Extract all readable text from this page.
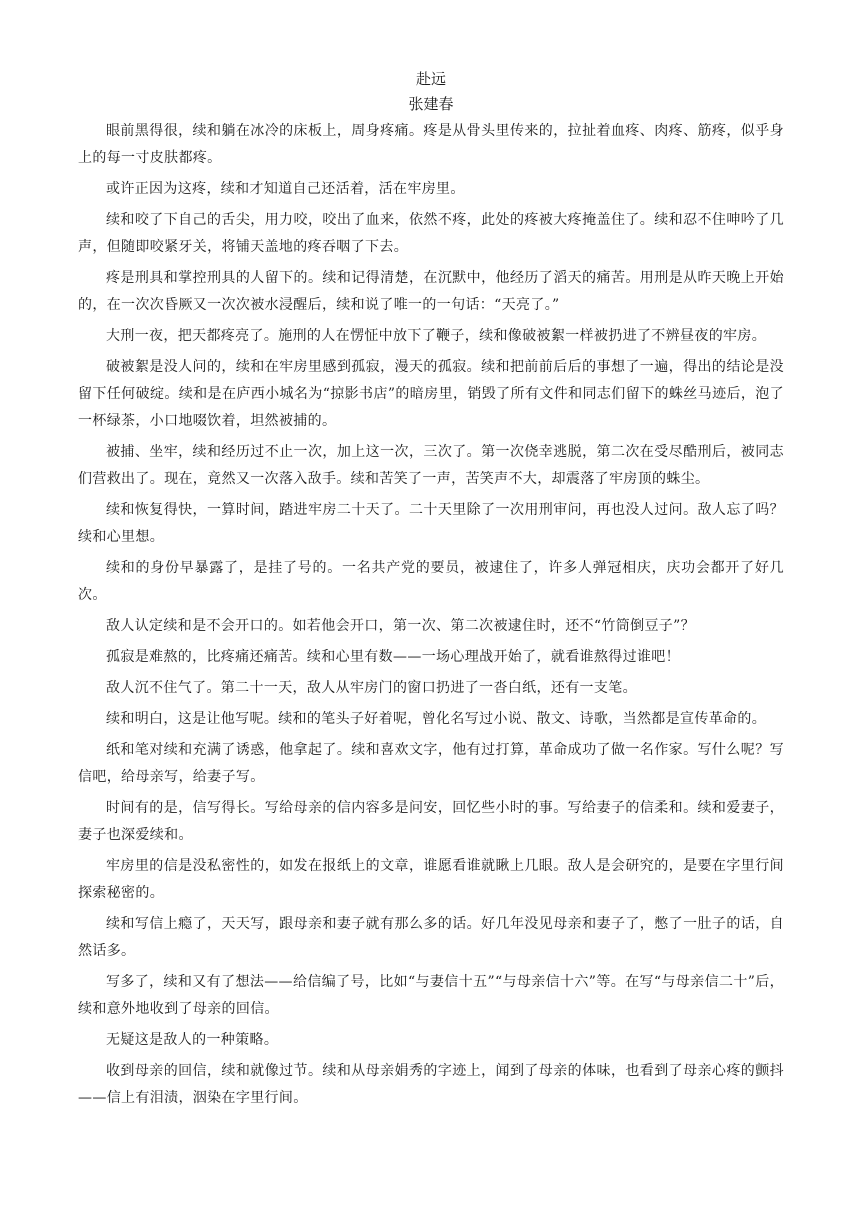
赴远
张建春

眼前黑得很，续和躺在冰冷的床板上，周身疼痛。疼是从骨头里传来的，拉扯着血疼、肉疼、筋疼，似乎身上的每一寸皮肤都疼。

或许正因为这疼，续和才知道自己还活着，活在牢房里。

续和咬了下自己的舌尖，用力咬，咬出了血来，依然不疼，此处的疼被大疼掩盖住了。续和忍不住呻吟了几声，但随即咬紧牙关，将铺天盖地的疼吞咽了下去。

疼是刑具和掌控刑具的人留下的。续和记得清楚，在沉默中，他经历了滔天的痛苦。用刑是从昨天晚上开始的，在一次次昏厥又一次次被水浸醒后，续和说了唯一的一句话：“天亮了。”

大刑一夜，把天都疼亮了。施刑的人在愣怔中放下了鞭子，续和像破被絮一样被扔进了不辨昼夜的牢房。

破被絮是没人问的，续和在牢房里感到孤寂，漫天的孤寂。续和把前前后后的事想了一遍，得出的结论是没留下任何破绽。续和是在庐西小城名为“掠影书店”的暗房里，销毁了所有文件和同志们留下的蛛丝马迹后，泡了一杯绿茶，小口地啜饮着，坦然被捕的。

被捕、坐牢，续和经历过不止一次，加上这一次，三次了。第一次侥幸逃脱，第二次在受尽酷刑后，被同志们营救出了。现在，竟然又一次落入敌手。续和苦笑了一声，苦笑声不大，却震落了牢房顶的蛛尘。

续和恢复得快，一算时间，踏进牢房二十天了。二十天里除了一次用刑审问，再也没人过问。敌人忘了吗？续和心里想。

续和的身份早暴露了，是挂了号的。一名共产党的要员，被逮住了，许多人弹冠相庆，庆功会都开了好几次。

敌人认定续和是不会开口的。如若他会开口，第一次、第二次被逮住时，还不“竹筒倒豆子”？

孤寂是难熬的，比疼痛还痛苦。续和心里有数——一场心理战开始了，就看谁熬得过谁吧！

敌人沉不住气了。第二十一天，敌人从牢房门的窗口扔进了一沓白纸，还有一支笔。

续和明白，这是让他写呢。续和的笔头子好着呢，曾化名写过小说、散文、诗歌，当然都是宣传革命的。

纸和笔对续和充满了诱惑，他拿起了。续和喜欢文字，他有过打算，革命成功了做一名作家。写什么呢？写信吧，给母亲写，给妻子写。

时间有的是，信写得长。写给母亲的信内容多是问安，回忆些小时的事。写给妻子的信柔和。续和爱妻子，妻子也深爱续和。

牢房里的信是没私密性的，如发在报纸上的文章，谁愿看谁就瞅上几眼。敌人是会研究的，是要在字里行间探索秘密的。

续和写信上瘾了，天天写，跟母亲和妻子就有那么多的话。好几年没见母亲和妻子了，憋了一肚子的话，自然话多。

写多了，续和又有了想法——给信编了号，比如“与妻信十五”“与母亲信十六”等。在写“与母亲信二十”后，续和意外地收到了母亲的回信。

无疑这是敌人的一种策略。

收到母亲的回信，续和就像过节。续和从母亲娟秀的字迹上，闻到了母亲的体味，也看到了母亲心疼的颤抖——信上有泪渍，洇染在字里行间。
